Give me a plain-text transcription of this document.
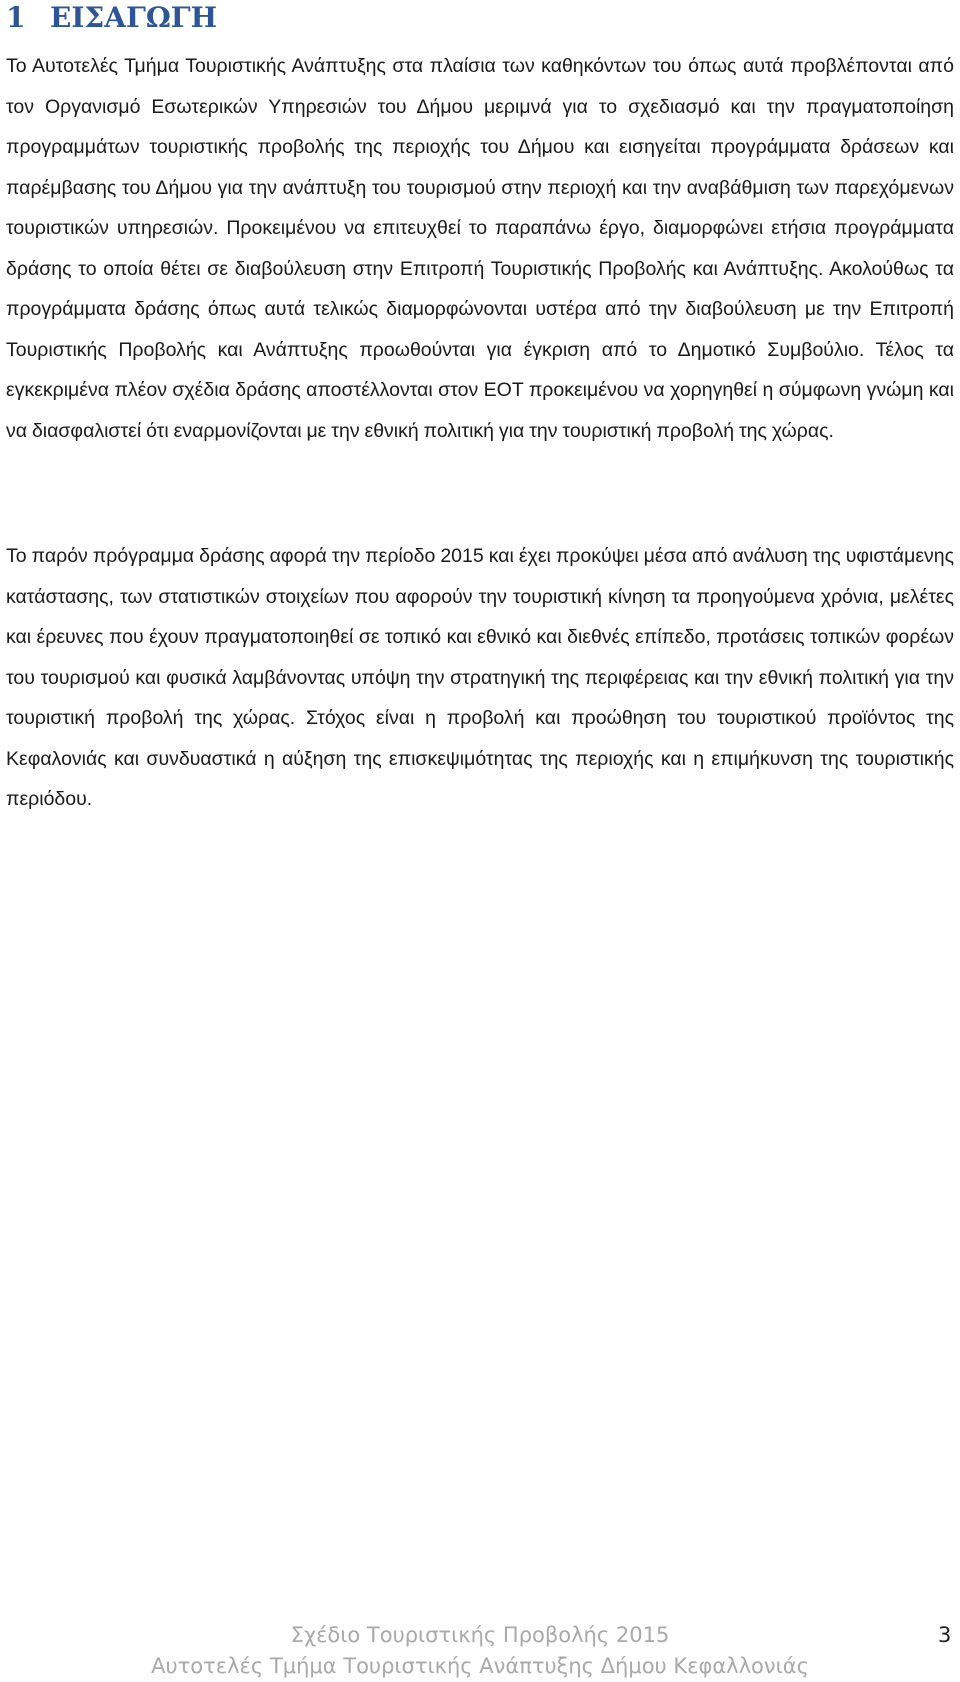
1 ΕΙΣΑΓΩΓΗ

Το Αυτοτελές Τμήμα Τουριστικής Ανάπτυξης στα πλαίσια των καθηκόντων του όπως αυτά προβλέπονται από τον Οργανισμό Εσωτερικών Υπηρεσιών του Δήμου μεριμνά για το σχεδιασμό και την πραγματοποίηση προγραμμάτων τουριστικής προβολής της περιοχής του Δήμου και εισηγείται προγράμματα δράσεων και παρέμβασης του Δήμου για την ανάπτυξη του τουρισμού στην περιοχή και την αναβάθμιση των παρεχόμενων τουριστικών υπηρεσιών. Προκειμένου να επιτευχθεί το παραπάνω έργο, διαμορφώνει ετήσια προγράμματα δράσης το οποία θέτει σε διαβούλευση στην Επιτροπή Τουριστικής Προβολής και Ανάπτυξης. Ακολούθως τα προγράμματα δράσης όπως αυτά τελικώς διαμορφώνονται υστέρα από την διαβούλευση με την Επιτροπή Τουριστικής Προβολής και Ανάπτυξης προωθούνται για έγκριση από το Δημοτικό Συμβούλιο. Τέλος τα εγκεκριμένα πλέον σχέδια δράσης αποστέλλονται στον ΕΟΤ προκειμένου να χορηγηθεί η σύμφωνη γνώμη και να διασφαλιστεί ότι εναρμονίζονται με την εθνική πολιτική για την τουριστική προβολή της χώρας.

Το παρόν πρόγραμμα δράσης αφορά την περίοδο 2015 και έχει προκύψει μέσα από ανάλυση της υφιστάμενης κατάστασης, των στατιστικών στοιχείων που αφορούν την τουριστική κίνηση τα προηγούμενα χρόνια, μελέτες και έρευνες που έχουν πραγματοποιηθεί σε τοπικό και εθνικό και διεθνές επίπεδο, προτάσεις τοπικών φορέων του τουρισμού και φυσικά λαμβάνοντας υπόψη την στρατηγική της περιφέρειας και την εθνική πολιτική για την τουριστική προβολή της χώρας. Στόχος είναι η προβολή και προώθηση του τουριστικού προϊόντος της Κεφαλονιάς και συνδυαστικά η αύξηση της επισκεψιμότητας της περιοχής και η επιμήκυνση της τουριστικής περιόδου.

Σχέδιο Τουριστικής Προβολής 2015
Αυτοτελές Τμήμα Τουριστικής Ανάπτυξης Δήμου Κεφαλλονιάς
3
